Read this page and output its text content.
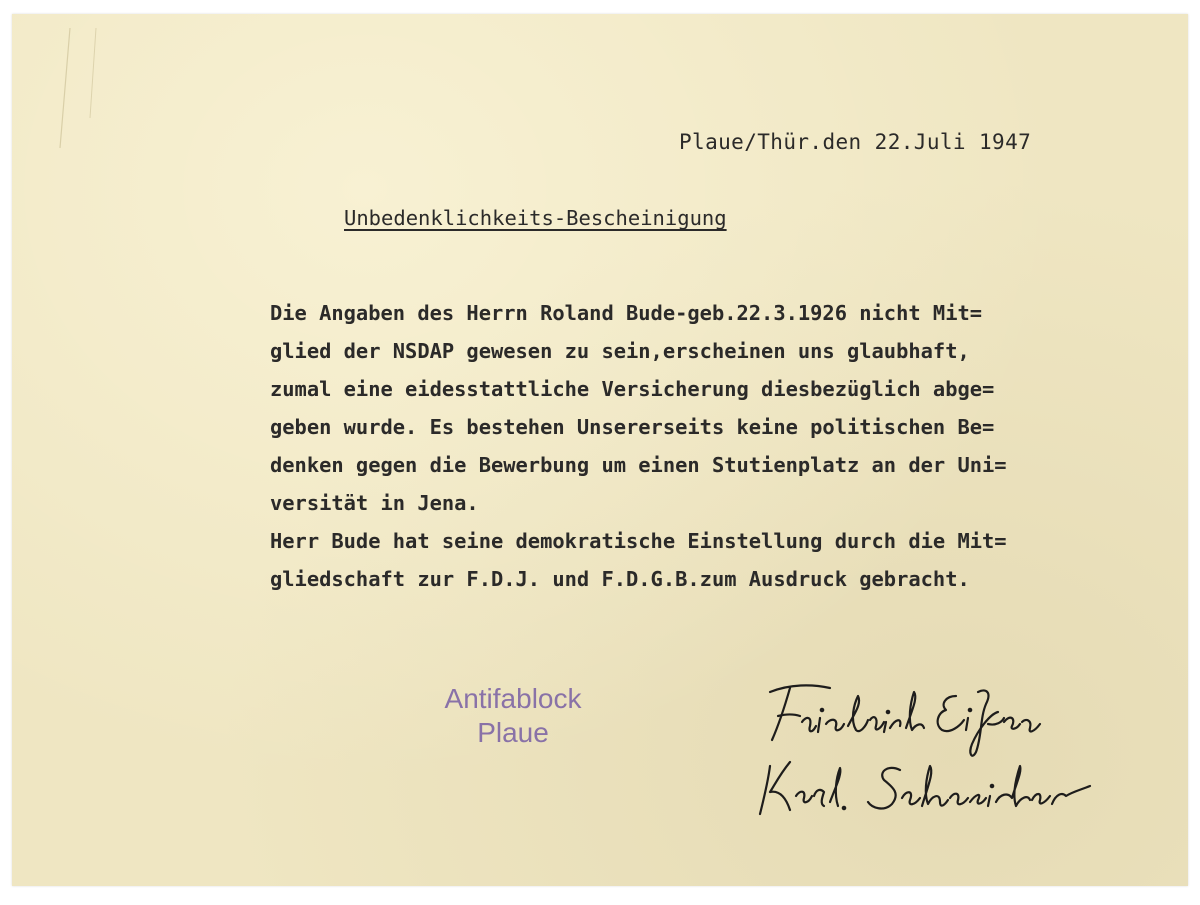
Plaue/Thür.den 22.Juli 1947
Unbedenklichkeits-Bescheinigung
Die Angaben des Herrn Roland Bude-geb.22.3.1926 nicht Mit=
glied der NSDAP gewesen zu sein,erscheinen uns glaubhaft,
zumal eine eidesstattliche Versicherung diesbezüglich abge=
geben wurde. Es bestehen Unsererseits keine politischen Be=
denken gegen die Bewerbung um einen Stutienplatz an der Uni=
versität in Jena.
Herr Bude hat seine demokratische Einstellung durch die Mit=
gliedschaft zur F.D.J. und F.D.G.B.zum Ausdruck gebracht.
Antifablock
Plaue
